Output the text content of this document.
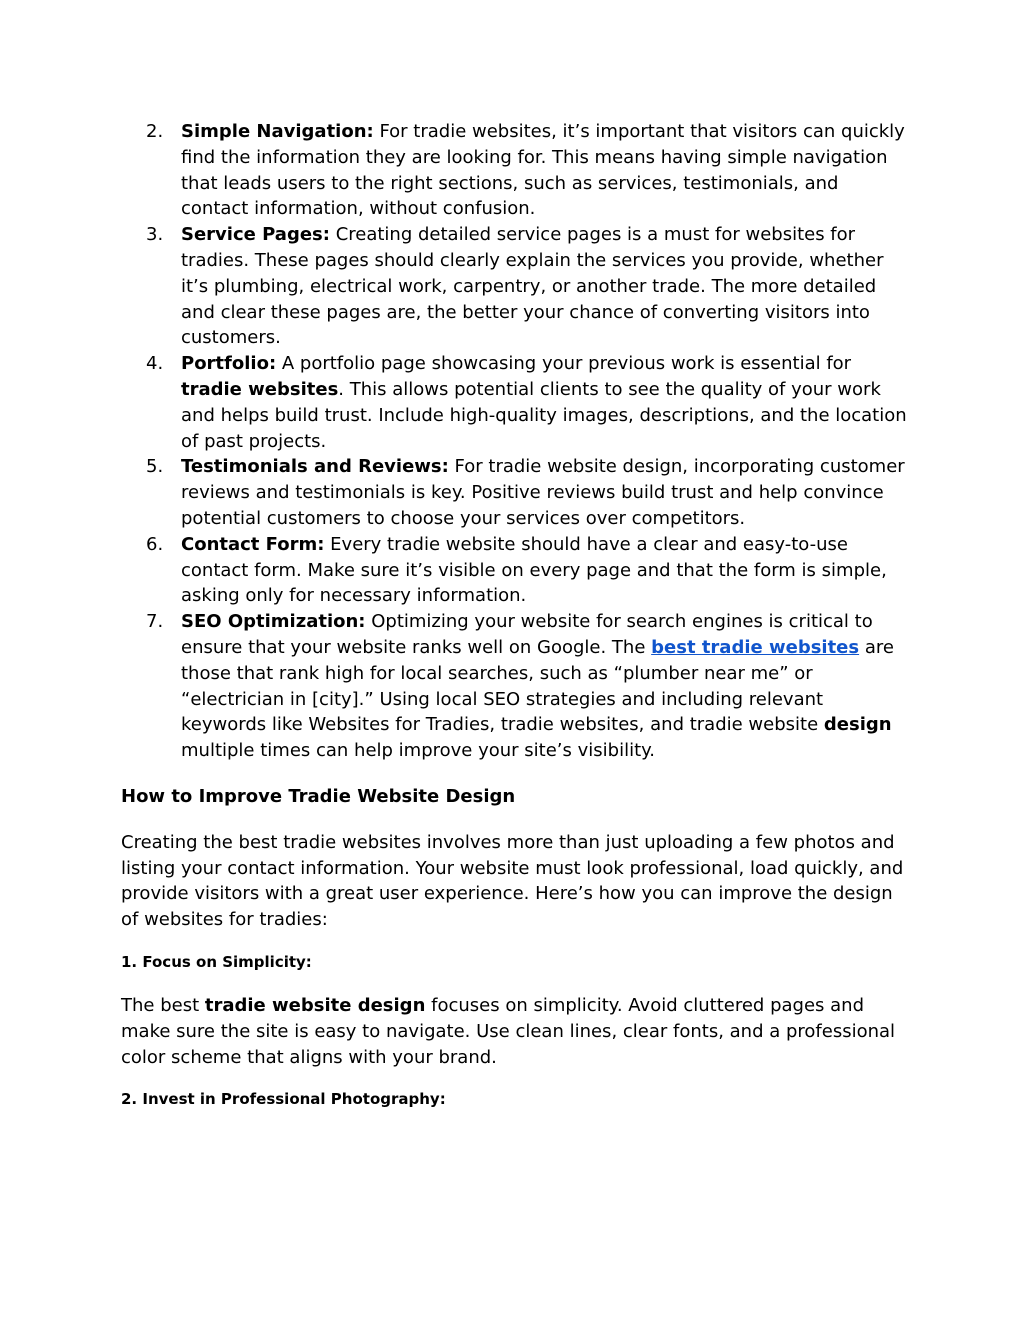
2. Simple Navigation: For tradie websites, it’s important that visitors can quickly find the information they are looking for. This means having simple navigation that leads users to the right sections, such as services, testimonials, and contact information, without confusion.
3. Service Pages: Creating detailed service pages is a must for websites for tradies. These pages should clearly explain the services you provide, whether it’s plumbing, electrical work, carpentry, or another trade. The more detailed and clear these pages are, the better your chance of converting visitors into customers.
4. Portfolio: A portfolio page showcasing your previous work is essential for tradie websites. This allows potential clients to see the quality of your work and helps build trust. Include high-quality images, descriptions, and the location of past projects.
5. Testimonials and Reviews: For tradie website design, incorporating customer reviews and testimonials is key. Positive reviews build trust and help convince potential customers to choose your services over competitors.
6. Contact Form: Every tradie website should have a clear and easy-to-use contact form. Make sure it’s visible on every page and that the form is simple, asking only for necessary information.
7. SEO Optimization: Optimizing your website for search engines is critical to ensure that your website ranks well on Google. The best tradie websites are those that rank high for local searches, such as “plumber near me” or “electrician in [city].” Using local SEO strategies and including relevant keywords like Websites for Tradies, tradie websites, and tradie website design multiple times can help improve your site’s visibility.
How to Improve Tradie Website Design

Creating the best tradie websites involves more than just uploading a few photos and listing your contact information. Your website must look professional, load quickly, and provide visitors with a great user experience. Here’s how you can improve the design of websites for tradies:

1. Focus on Simplicity:

The best tradie website design focuses on simplicity. Avoid cluttered pages and make sure the site is easy to navigate. Use clean lines, clear fonts, and a professional color scheme that aligns with your brand.

2. Invest in Professional Photography:
